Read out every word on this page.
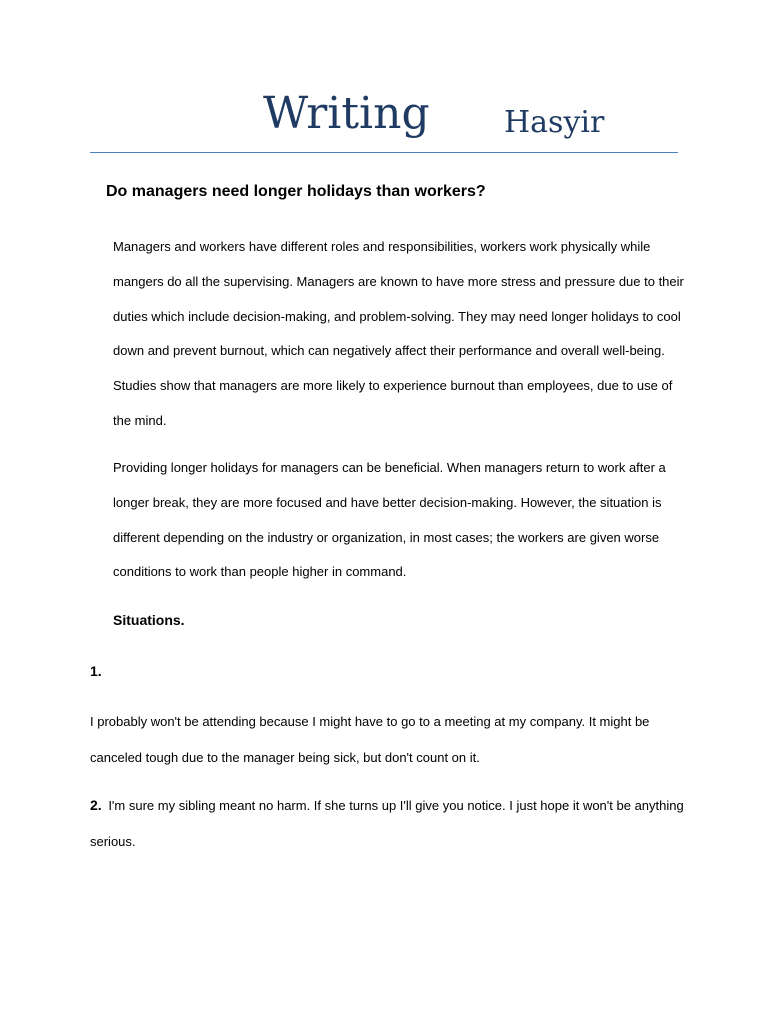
Writing Hasyir
Do managers need longer holidays than workers?

Managers and workers have different roles and responsibilities, workers work physically while mangers do all the supervising. Managers are known to have more stress and pressure due to their duties which include decision-making, and problem-solving. They may need longer holidays to cool down and prevent burnout, which can negatively affect their performance and overall well-being. Studies show that managers are more likely to experience burnout than employees, due to use of the mind.

Providing longer holidays for managers can be beneficial. When managers return to work after a longer break, they are more focused and have better decision-making. However, the situation is different depending on the industry or organization, in most cases; the workers are given worse conditions to work than people higher in command.

Situations.
1.

I probably won't be attending because I might have to go to a meeting at my company. It might be canceled tough due to the manager being sick, but don't count on it.

2. I'm sure my sibling meant no harm. If she turns up I'll give you notice. I just hope it won't be anything serious.
